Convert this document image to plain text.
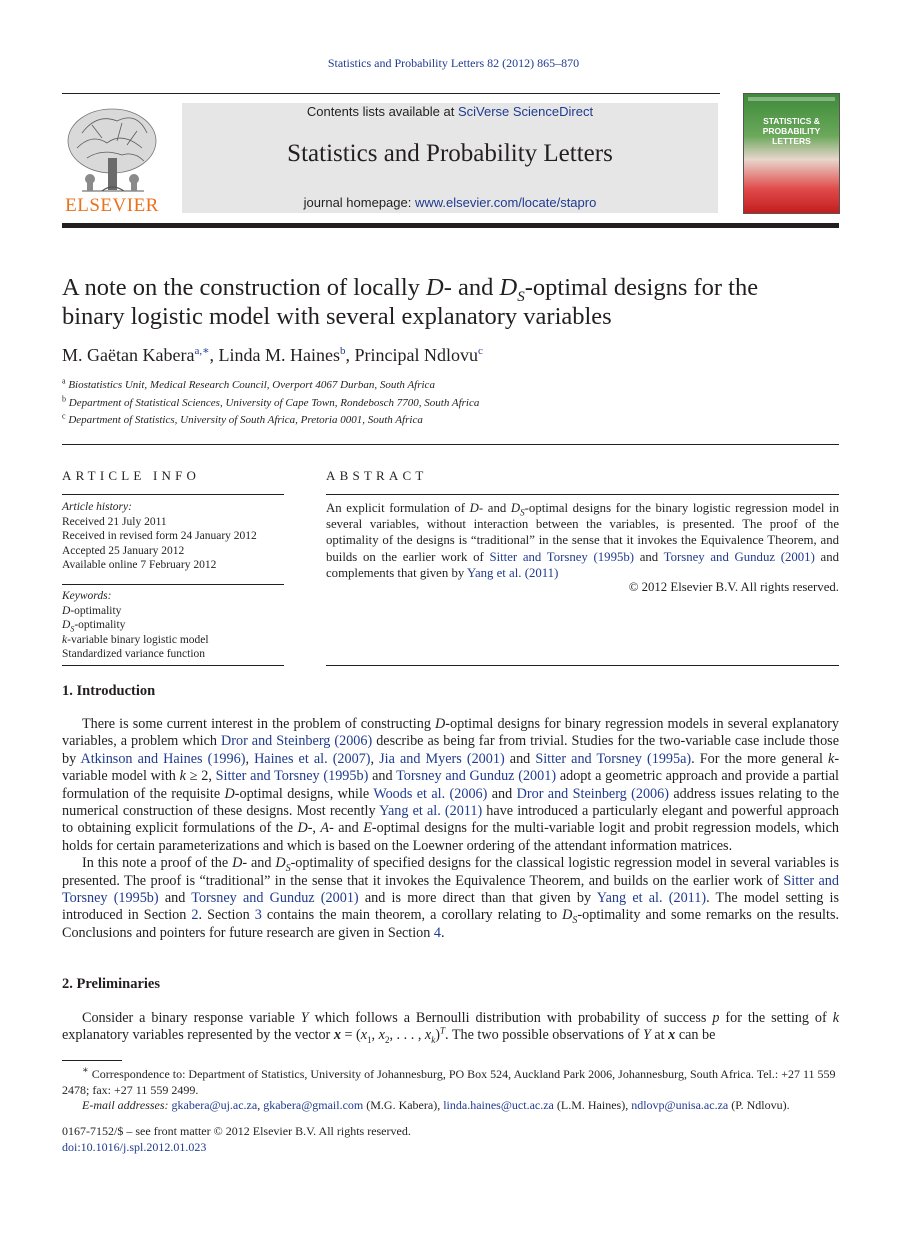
Statistics and Probability Letters 82 (2012) 865–870
Contents lists available at SciVerse ScienceDirect
Statistics and Probability Letters
journal homepage: www.elsevier.com/locate/stapro
ELSEVIER
STATISTICS &
PROBABILITY
LETTERS
A note on the construction of locally D- and $D_S$-optimal designs for the
binary logistic model with several explanatory variables
M. Gaëtan Kabera$^{a,∗}$, Linda M. Haines$^b$, Principal Ndlovu$^c$
$^a$ Biostatistics Unit, Medical Research Council, Overport 4067 Durban, South Africa
$^b$ Department of Statistical Sciences, University of Cape Town, Rondebosch 7700, South Africa
$^c$ Department of Statistics, University of South Africa, Pretoria 0001, South Africa
ARTICLE INFO
Article history:
Received 21 July 2011
Received in revised form 24 January 2012
Accepted 25 January 2012
Available online 7 February 2012
Keywords:
D-optimality
$D_S$-optimality
k-variable binary logistic model
Standardized variance function
ABSTRACT
An explicit formulation of D- and $D_S$-optimal designs for the binary logistic regression model in several variables, without interaction between the variables, is presented. The proof of the optimality of the designs is “traditional” in the sense that it invokes the Equivalence Theorem, and builds on the earlier work of Sitter and Torsney (1995b) and Torsney and Gunduz (2001) and complements that given by Yang et al. (2011)
© 2012 Elsevier B.V. All rights reserved.
1. Introduction

There is some current interest in the problem of constructing D-optimal designs for binary regression models in several explanatory variables, a problem which Dror and Steinberg (2006) describe as being far from trivial. Studies for the two-variable case include those by Atkinson and Haines (1996), Haines et al. (2007), Jia and Myers (2001) and Sitter and Torsney (1995a). For the more general k-variable model with k ≥ 2, Sitter and Torsney (1995b) and Torsney and Gunduz (2001) adopt a geometric approach and provide a partial formulation of the requisite D-optimal designs, while Woods et al. (2006) and Dror and Steinberg (2006) address issues relating to the numerical construction of these designs. Most recently Yang et al. (2011) have introduced a particularly elegant and powerful approach to obtaining explicit formulations of the D-, A- and E-optimal designs for the multi-variable logit and probit regression models, which holds for certain parameterizations and which is based on the Loewner ordering of the attendant information matrices.

In this note a proof of the D- and $D_S$-optimality of specified designs for the classical logistic regression model in several variables is presented. The proof is “traditional” in the sense that it invokes the Equivalence Theorem, and builds on the earlier work of Sitter and Torsney (1995b) and Torsney and Gunduz (2001) and is more direct than that given by Yang et al. (2011). The model setting is introduced in Section 2. Section 3 contains the main theorem, a corollary relating to $D_S$-optimality and some remarks on the results. Conclusions and pointers for future research are given in Section 4.

2. Preliminaries

Consider a binary response variable Y which follows a Bernoulli distribution with probability of success p for the setting of k explanatory variables represented by the vector $x = (x_1$, $x_2$, . . . , $x_k)^T$. The two possible observations of Y at x can be

∗ Correspondence to: Department of Statistics, University of Johannesburg, PO Box 524, Auckland Park 2006, Johannesburg, South Africa. Tel.: +27 11 559 2478; fax: +27 11 559 2499.
E-mail addresses: gkabera@uj.ac.za, gkabera@gmail.com (M.G. Kabera), linda.haines@uct.ac.za (L.M. Haines), ndlovp@unisa.ac.za (P. Ndlovu).
0167-7152/$ – see front matter © 2012 Elsevier B.V. All rights reserved.
doi:10.1016/j.spl.2012.01.023
